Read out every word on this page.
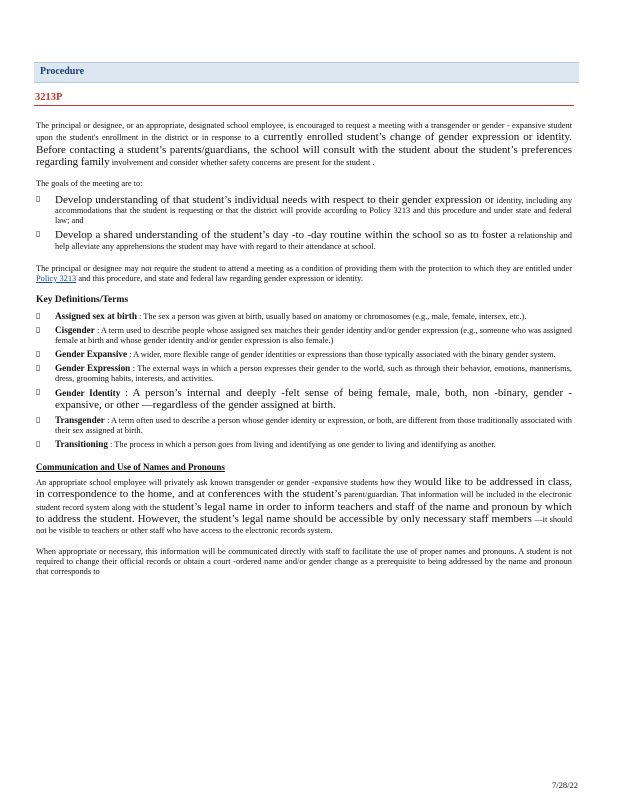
Procedure
3213P

The principal or designee, or an appropriate, designated school employee, is encouraged to request a meeting with a transgender or gender - expansive student upon the student's enrollment in the district or in response to a currently enrolled student’s change of gender expression or identity. Before contacting a student’s parents/guardians, the school will consult with the student about the student’s preferences regarding family involvement and consider whether safety concerns are present for the student .

The goals of the meeting are to:

▯ Develop understanding of that student’s individual needs with respect to their gender expression or identity, including any accommodations that the student is requesting or that the district will provide according to Policy 3213 and this procedure and under state and federal law; and
▯ Develop a shared understanding of the student’s day -to -day routine within the school so as to foster a relationship and help alleviate any apprehensions the student may have with regard to their attendance at school.

The principal or designee may not require the student to attend a meeting as a condition of providing them with the protection to which they are entitled under Policy 3213 and this procedure, and state and federal law regarding gender expression or identity.

Key Definitions/Terms
▯ Assigned sex at birth : The sex a person was given at birth, usually based on anatomy or chromosomes (e.g., male, female, intersex, etc.).
▯ Cisgender : A term used to describe people whose assigned sex matches their gender identity and/or gender expression (e.g., someone who was assigned female at birth and whose gender identity and/or gender expression is also female.)
▯ Gender Expansive : A wider, more flexible range of gender identities or expressions than those typically associated with the binary gender system.
▯ Gender Expression : The external ways in which a person expresses their gender to the world, such as through their behavior, emotions, mannerisms, dress, grooming habits, interests, and activities.
▯ Gender Identity : A person’s internal and deeply -felt sense of being female, male, both, non -binary, gender -expansive, or other —regardless of the gender assigned at birth.
▯ Transgender : A term often used to describe a person whose gender identity or expression, or both, are different from those traditionally associated with their sex assigned at birth.
▯ Transitioning : The process in which a person goes from living and identifying as one gender to living and identifying as another.
Communication and Use of Names and Pronouns

An appropriate school employee will privately ask known transgender or gender -expansive students how they would like to be addressed in class, in correspondence to the home, and at conferences with the student’s parent/guardian. That information will be included in the electronic student record system along with the student’s legal name in order to inform teachers and staff of the name and pronoun by which to address the student. However, the student’s legal name should be accessible by only necessary staff members —it should not be visible to teachers or other staff who have access to the electronic records system.

When appropriate or necessary, this information will be communicated directly with staff to facilitate the use of proper names and pronouns. A student is not required to change their official records or obtain a court -ordered name and/or gender change as a prerequisite to being addressed by the name and pronoun that corresponds to

7/28/22
